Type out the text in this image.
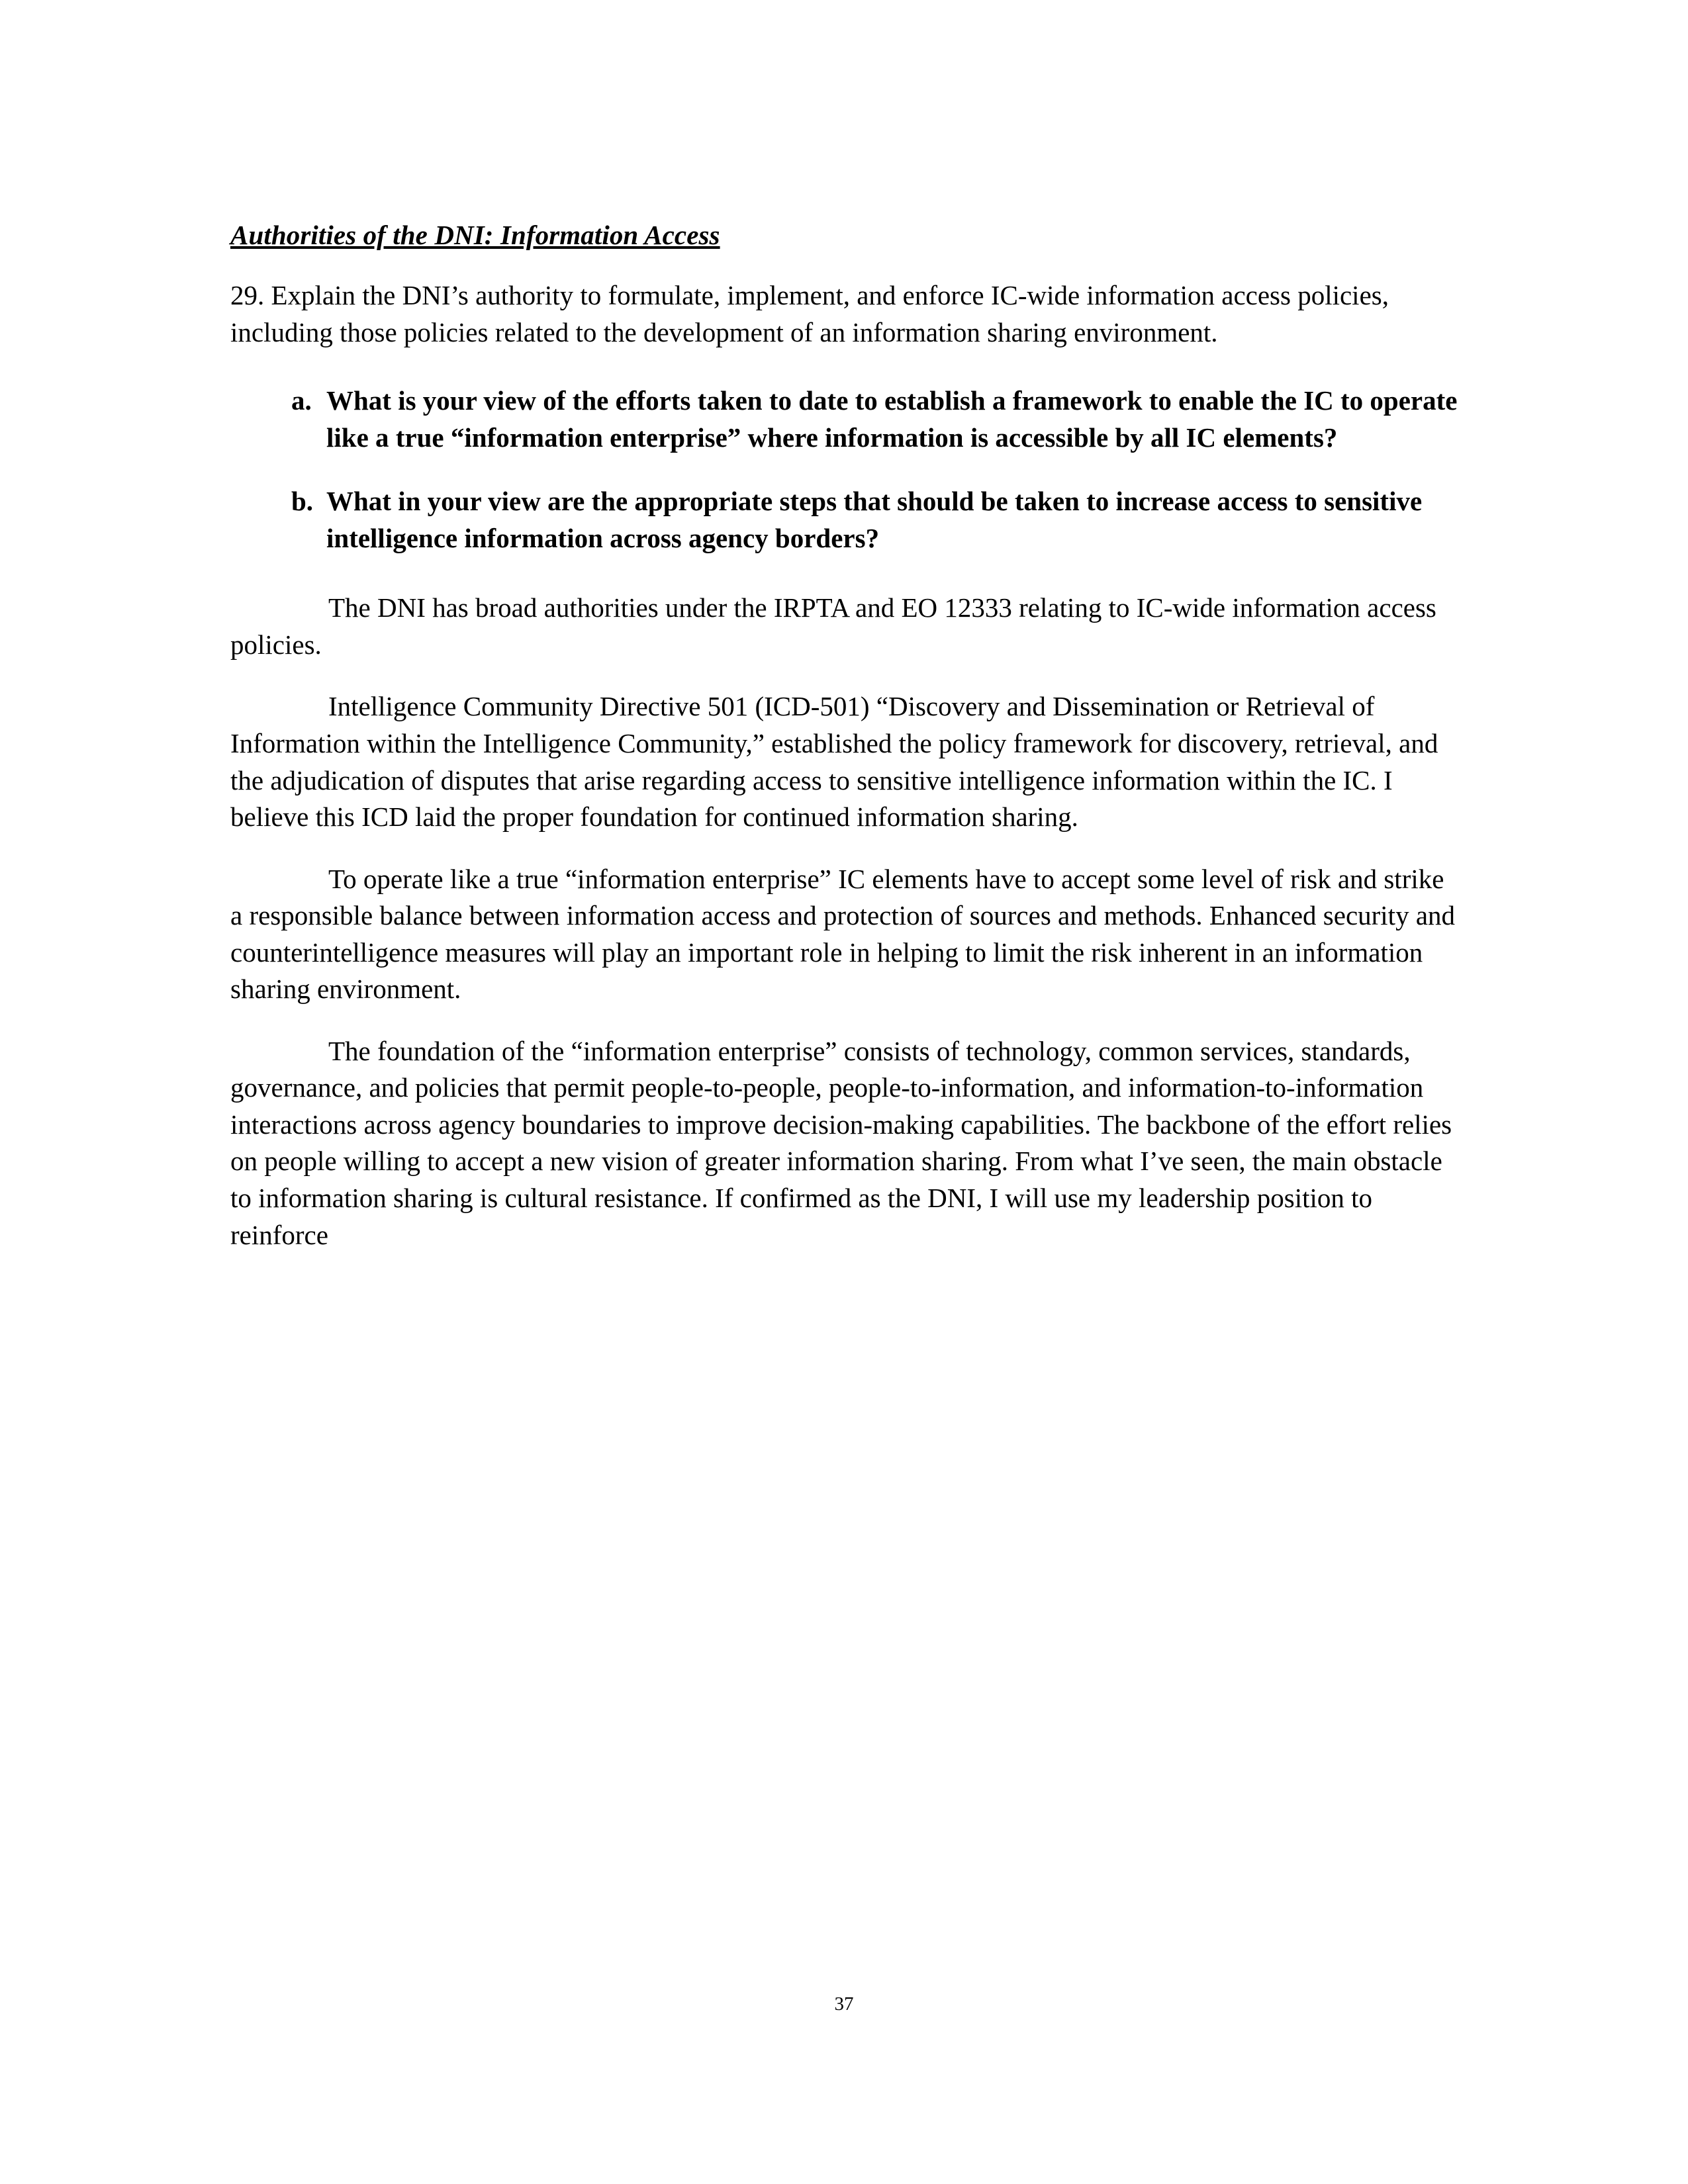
Authorities of the DNI: Information Access

29. Explain the DNI’s authority to formulate, implement, and enforce IC-wide information access policies, including those policies related to the development of an information sharing environment.

a. What is your view of the efforts taken to date to establish a framework to enable the IC to operate like a true “information enterprise” where information is accessible by all IC elements?
b. What in your view are the appropriate steps that should be taken to increase access to sensitive intelligence information across agency borders?

The DNI has broad authorities under the IRPTA and EO 12333 relating to IC-wide information access policies.

Intelligence Community Directive 501 (ICD-501) “Discovery and Dissemination or Retrieval of Information within the Intelligence Community,” established the policy framework for discovery, retrieval, and the adjudication of disputes that arise regarding access to sensitive intelligence information within the IC. I believe this ICD laid the proper foundation for continued information sharing.

To operate like a true “information enterprise” IC elements have to accept some level of risk and strike a responsible balance between information access and protection of sources and methods. Enhanced security and counterintelligence measures will play an important role in helping to limit the risk inherent in an information sharing environment.

The foundation of the “information enterprise” consists of technology, common services, standards, governance, and policies that permit people-to-people, people-to-information, and information-to-information interactions across agency boundaries to improve decision-making capabilities. The backbone of the effort relies on people willing to accept a new vision of greater information sharing. From what I’ve seen, the main obstacle to information sharing is cultural resistance. If confirmed as the DNI, I will use my leadership position to reinforce

37
